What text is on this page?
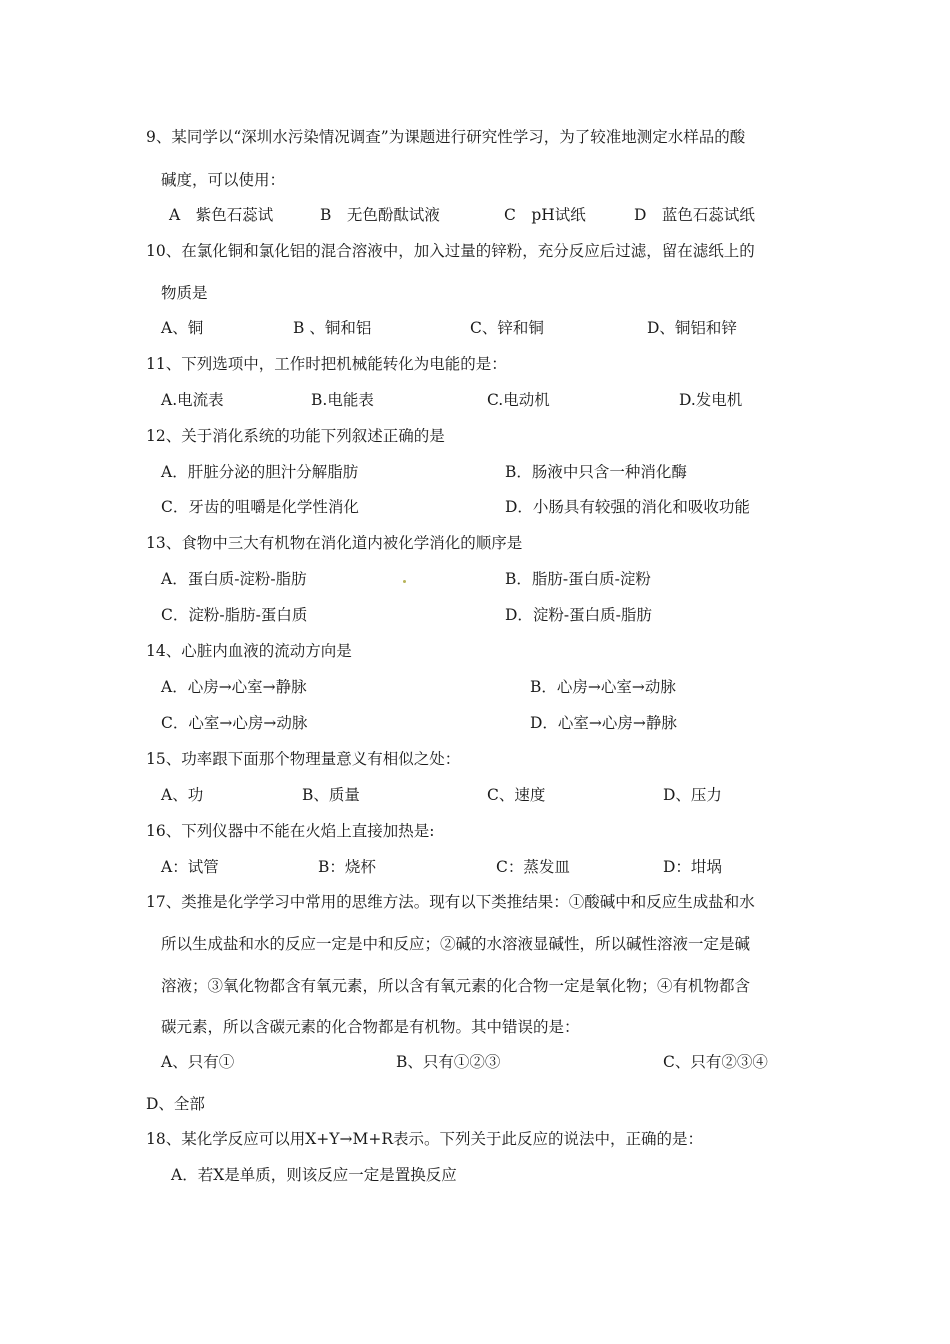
9、某同学以“深圳水污染情况调查”为课题进行研究性学习，为了较准地测定水样品的酸
碱度，可以使用：
A　紫色石蕊试	B　无色酚酞试液	C　pH试纸	D　蓝色石蕊试纸
10、在氯化铜和氯化铝的混合溶液中，加入过量的锌粉，充分反应后过滤，留在滤纸上的
物质是
A、铜	B 、铜和铝	C、锌和铜	D、铜铝和锌
11、下列选项中，工作时把机械能转化为电能的是：
A.电流表	B.电能表	C.电动机	D.发电机
12、关于消化系统的功能下列叙述正确的是
A．肝脏分泌的胆汁分解脂肪	B．肠液中只含一种消化酶
C．牙齿的咀嚼是化学性消化	D．小肠具有较强的消化和吸收功能
13、食物中三大有机物在消化道内被化学消化的顺序是
A．蛋白质-淀粉-脂肪	B．脂肪-蛋白质-淀粉
C．淀粉-脂肪-蛋白质	D．淀粉-蛋白质-脂肪
14、心脏内血液的流动方向是
A．心房→心室→静脉	B．心房→心室→动脉
C．心室→心房→动脉	D．心室→心房→静脉
15、功率跟下面那个物理量意义有相似之处：
A、功	B、质量	C、速度	D、压力
16、下列仪器中不能在火焰上直接加热是:
A：试管	B：烧杯	C：蒸发皿	D：坩埚
17、类推是化学学习中常用的思维方法。现有以下类推结果：①酸碱中和反应生成盐和水
所以生成盐和水的反应一定是中和反应；②碱的水溶液显碱性，所以碱性溶液一定是碱
溶液；③氧化物都含有氧元素，所以含有氧元素的化合物一定是氧化物；④有机物都含
碳元素，所以含碳元素的化合物都是有机物。其中错误的是：
A、只有①	B、只有①②③	C、只有②③④
D、全部
18、某化学反应可以用X+Y→M+R表示。下列关于此反应的说法中，正确的是：
A．若X是单质，则该反应一定是置换反应
